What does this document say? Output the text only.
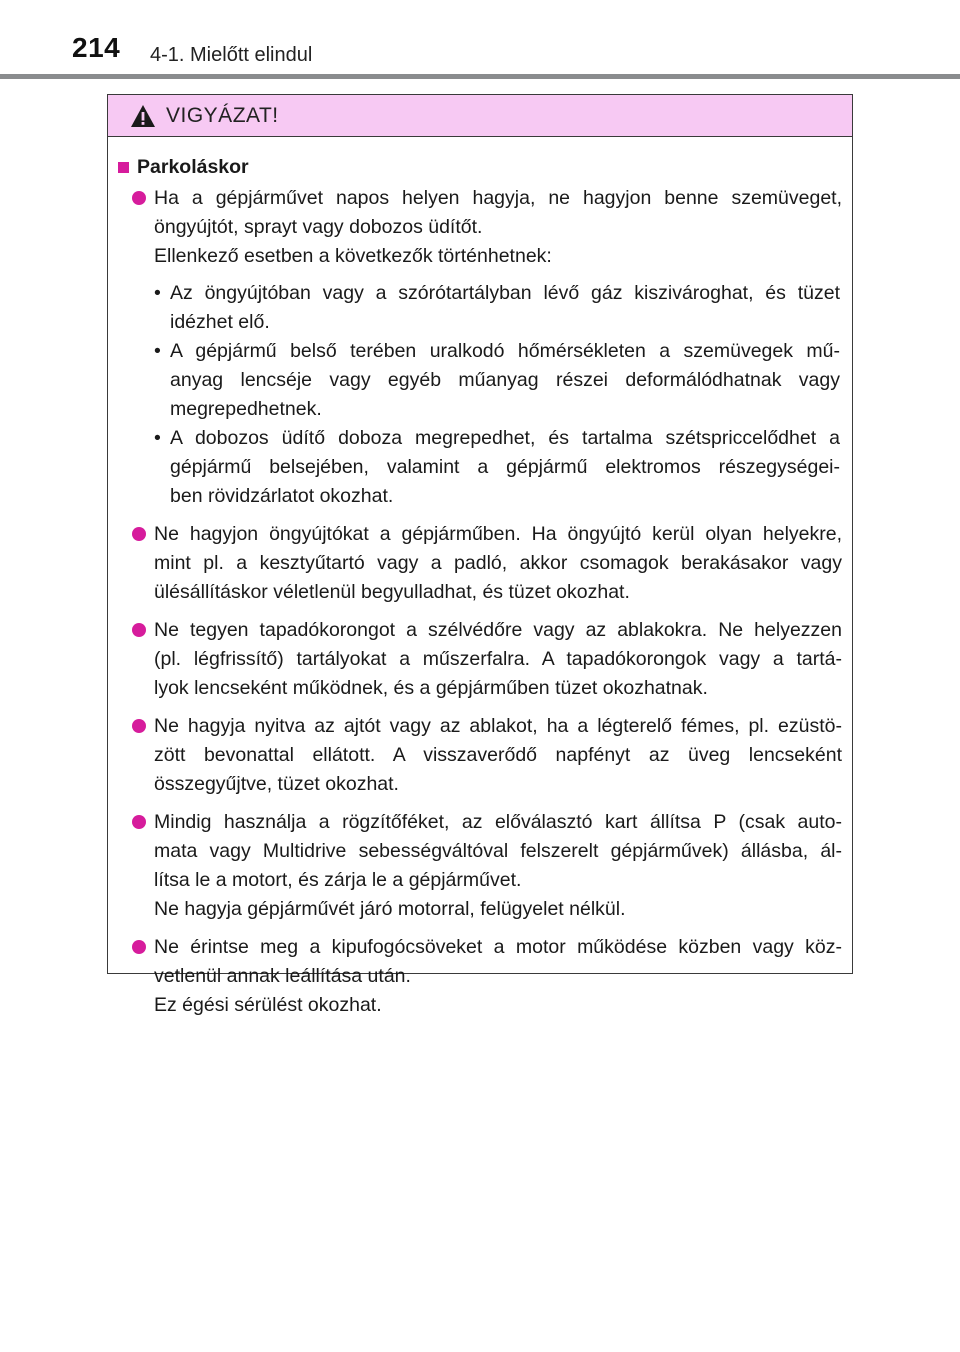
214 4-1. Mielőtt elindul
VIGYÁZAT!
Parkoláskor
Ha a gépjárművet napos helyen hagyja, ne hagyjon benne szemüveget,
öngyújtót, sprayt vagy dobozos üdítőt.
Ellenkező esetben a következők történhetnek:
• Az öngyújtóban vagy a szórótartályban lévő gáz kiszivároghat, és tüzet
idézhet elő.
• A gépjármű belső terében uralkodó hőmérsékleten a szemüvegek mű-
anyag lencséje vagy egyéb műanyag részei deformálódhatnak vagy
megrepedhetnek.
• A dobozos üdítő doboza megrepedhet, és tartalma szétspriccelődhet a
gépjármű belsejében, valamint a gépjármű elektromos részegységei-
ben rövidzárlatot okozhat.
Ne hagyjon öngyújtókat a gépjárműben. Ha öngyújtó kerül olyan helyekre,
mint pl. a kesztyűtartó vagy a padló, akkor csomagok berakásakor vagy
ülésállításkor véletlenül begyulladhat, és tüzet okozhat.
Ne tegyen tapadókorongot a szélvédőre vagy az ablakokra. Ne helyezzen
(pl. légfrissítő) tartályokat a műszerfalra. A tapadókorongok vagy a tartá-
lyok lencseként működnek, és a gépjárműben tüzet okozhatnak.
Ne hagyja nyitva az ajtót vagy az ablakot, ha a légterelő fémes, pl. ezüstö-
zött bevonattal ellátott. A visszaverődő napfényt az üveg lencseként
összegyűjtve, tüzet okozhat.
Mindig használja a rögzítőféket, az előválasztó kart állítsa P (csak auto-
mata vagy Multidrive sebességváltóval felszerelt gépjárművek) állásba, ál-
lítsa le a motort, és zárja le a gépjárművet.
Ne hagyja gépjárművét járó motorral, felügyelet nélkül.
Ne érintse meg a kipufogócsöveket a motor működése közben vagy köz-
vetlenül annak leállítása után.
Ez égési sérülést okozhat.
